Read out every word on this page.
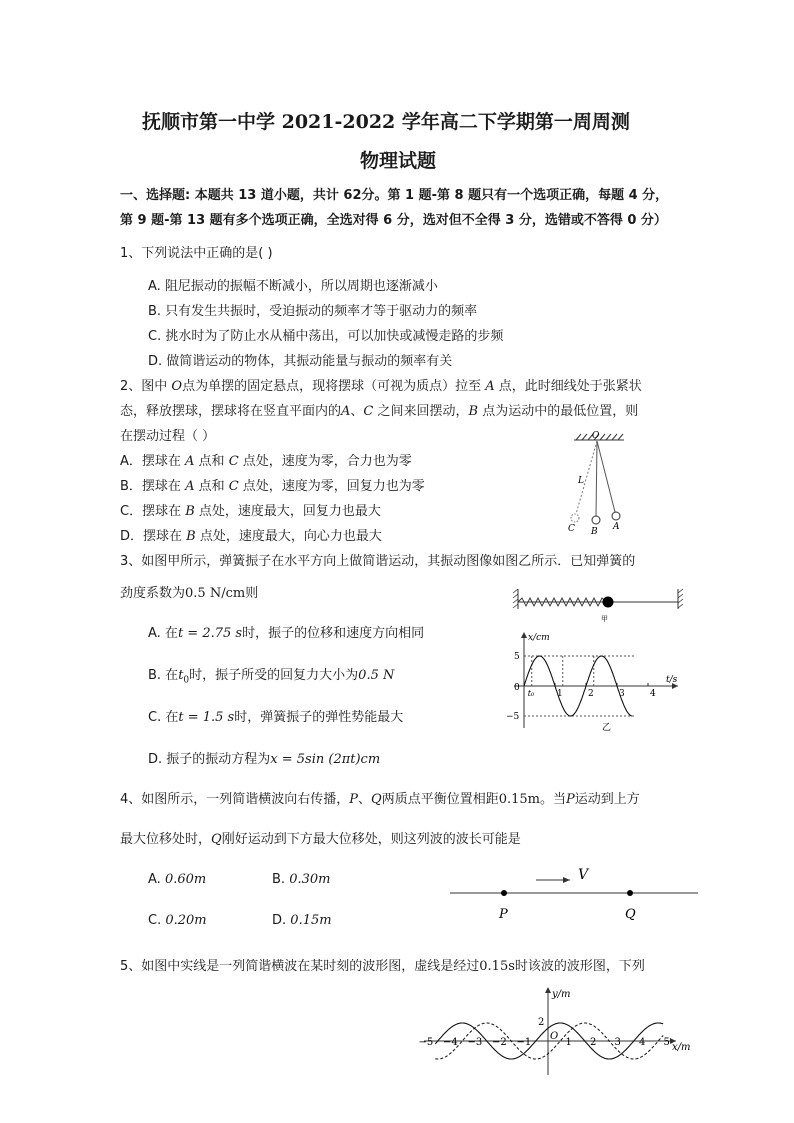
抚顺市第一中学 2021-2022 学年高二下学期第一周周测
物理试题
一、选择题: 本题共 13 道小题，共计 62分。第 1 题-第 8 题只有一个选项正确，每题 4 分，
第 9 题-第 13 题有多个选项正确，全选对得 6 分，选对但不全得 3 分，选错或不答得 0 分）
1、下列说法中正确的是( )
A. 阻尼振动的振幅不断减小，所以周期也逐渐减小
B. 只有发生共振时，受迫振动的频率才等于驱动力的频率
C. 挑水时为了防止水从桶中荡出，可以加快或减慢走路的步频
D. 做简谐运动的物体，其振动能量与振动的频率有关
2、图中 O点为单摆的固定悬点，现将摆球（可视为质点）拉至 A 点，此时细线处于张紧状
态，释放摆球，摆球将在竖直平面内的A、C 之间来回摆动，B 点为运动中的最低位置，则
在摆动过程（ ）
A．摆球在 A 点和 C 点处，速度为零，合力也为零
B．摆球在 A 点和 C 点处，速度为零，回复力也为零
C．摆球在 B 点处，速度最大，回复力也最大
D．摆球在 B 点处，速度最大，向心力也最大
O
L
C B A
3、如图甲所示，弹簧振子在水平方向上做简谐运动，其振动图像如图乙所示．已知弹簧的
劲度系数为0.5 N/cm则
A. 在t = 2.75 s时，振子的位移和速度方向相同
B. 在$t_0$时，振子所受的回复力大小为0.5 N
C. 在t = 1.5 s时，弹簧振子的弹性势能最大
D. 振子的振动方程为x = 5sin (2πt)cm
甲
x/cm
t/s
0
5
−5
1	2	3	4
t₀
乙
4、如图所示，一列简谐横波向右传播，P、Q两质点平衡位置相距0.15m。当P运动到上方
最大位移处时，Q刚好运动到下方最大位移处，则这列波的波长可能是
A. 0.60m	B. 0.30m
C. 0.20m	D. 0.15m
V
P	Q
5、如图中实线是一列简谐横波在某时刻的波形图，虚线是经过0.15s时该波的波形图，下列
y/m
x/m
2
O
−5 −4 −3 −2 −1	1 2 3 4 5
